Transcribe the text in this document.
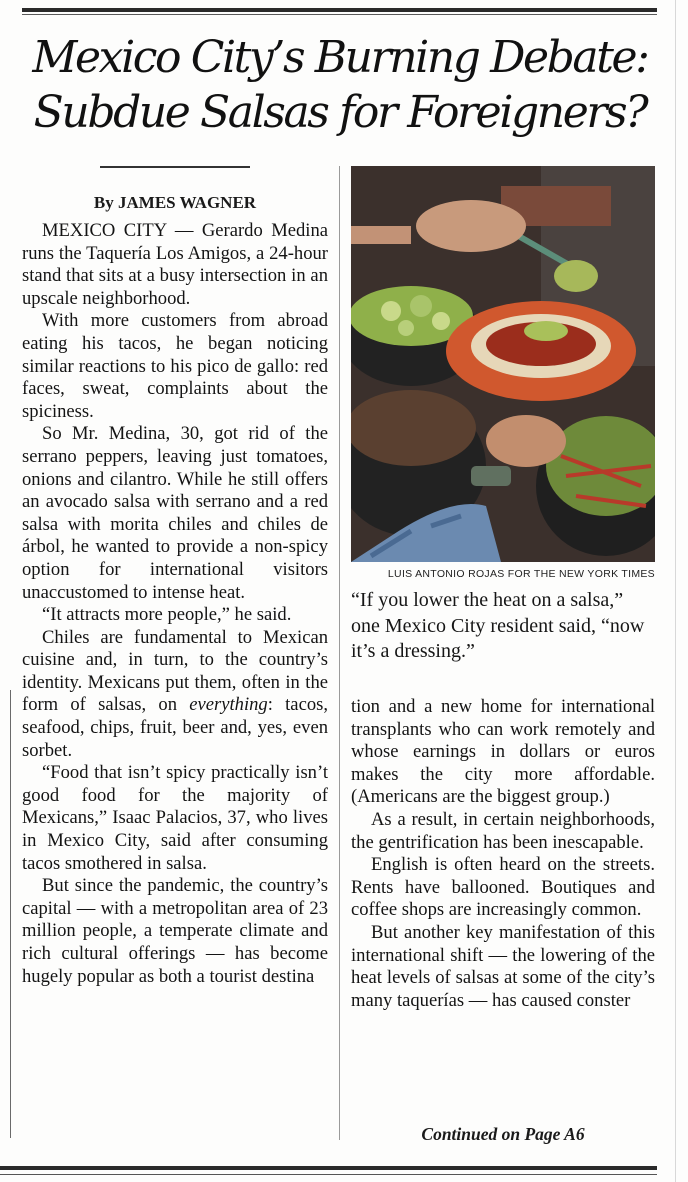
Mexico City’s Burning Debate: Subdue Salsas for Foreigners?
By JAMES WAGNER

MEXICO CITY — Gerardo Medina runs the Taquería Los Amigos, a 24-hour stand that sits at a busy intersection in an upscale neighborhood.

With more customers from abroad eating his tacos, he began noticing similar reactions to his pico de gallo: red faces, sweat, complaints about the spiciness.

So Mr. Medina, 30, got rid of the serrano peppers, leaving just tomatoes, onions and cilantro. While he still offers an avocado salsa with serrano and a red salsa with morita chiles and chiles de árbol, he wanted to provide a non-spicy option for international visitors unaccustomed to intense heat.

“It attracts more people,” he said.

Chiles are fundamental to Mexican cuisine and, in turn, to the country’s identity. Mexicans put them, often in the form of salsas, on everything: tacos, seafood, chips, fruit, beer and, yes, even sorbet.

“Food that isn’t spicy practically isn’t good food for the majority of Mexicans,” Isaac Palacios, 37, who lives in Mexico City, said after consuming tacos smothered in salsa.

But since the pandemic, the country’s capital — with a metropolitan area of 23 million people, a temperate climate and rich cultural offerings — has become hugely popular as both a tourist destina

LUIS ANTONIO ROJAS FOR THE NEW YORK TIMES
“If you lower the heat on a salsa,” one Mexico City resident said, “now it’s a dressing.”

tion and a new home for international transplants who can work remotely and whose earnings in dollars or euros makes the city more affordable. (Americans are the biggest group.)

As a result, in certain neighborhoods, the gentrification has been inescapable.

English is often heard on the streets. Rents have ballooned. Boutiques and coffee shops are increasingly common.

But another key manifestation of this international shift — the lowering of the heat levels of salsas at some of the city’s many taquerías — has caused conster

Continued on Page A6
